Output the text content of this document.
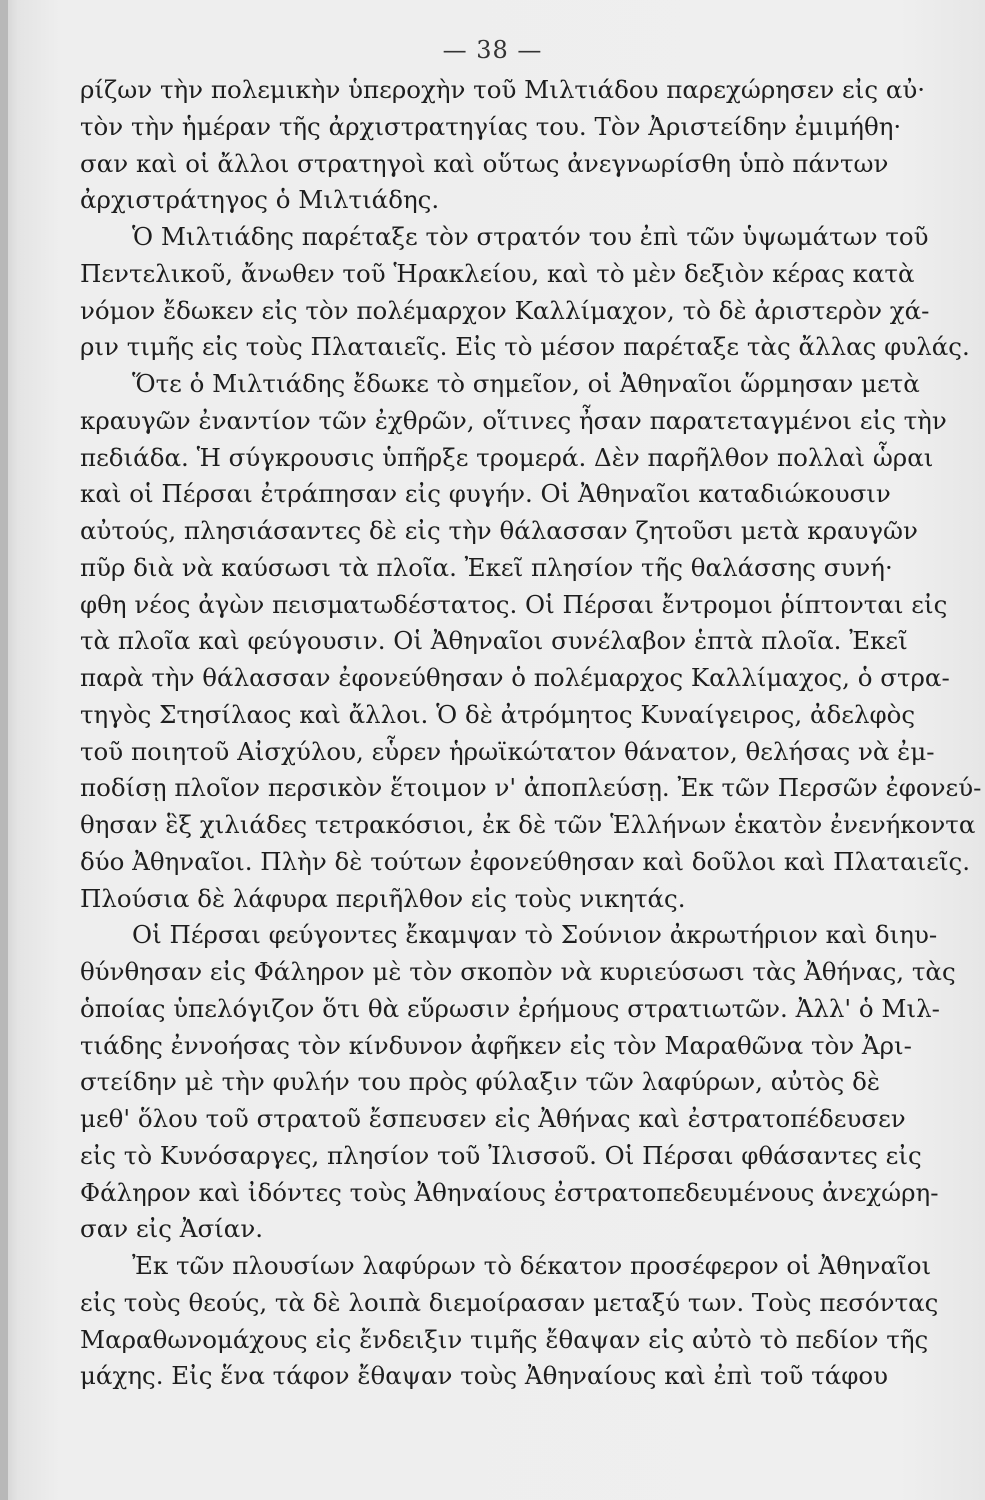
— 38 —
ρίζων τὴν πολεμικὴν ὑπεροχὴν τοῦ Μιλτιάδου παρεχώρησεν εἰς αὐ·
τὸν τὴν ἡμέραν τῆς ἀρχιστρατηγίας του. Τὸν Ἀριστείδην ἐμιμήθη·
σαν καὶ οἱ ἄλλοι στρατηγοὶ καὶ οὕτως ἀνεγνωρίσθη ὑπὸ πάντων
ἀρχιστράτηγος ὁ Μιλτιάδης.
Ὁ Μιλτιάδης παρέταξε τὸν στρατόν του ἐπὶ τῶν ὑψωμάτων τοῦ
Πεντελικοῦ, ἄνωθεν τοῦ Ἡρακλείου, καὶ τὸ μὲν δεξιὸν κέρας κατὰ
νόμον ἔδωκεν εἰς τὸν πολέμαρχον Καλλίμαχον, τὸ δὲ ἀριστερὸν χά-
ριν τιμῆς εἰς τοὺς Πλαταιεῖς. Εἰς τὸ μέσον παρέταξε τὰς ἄλλας φυλάς.
Ὅτε ὁ Μιλτιάδης ἔδωκε τὸ σημεῖον, οἱ Ἀθηναῖοι ὥρμησαν μετὰ
κραυγῶν ἐναντίον τῶν ἐχθρῶν, οἵτινες ἦσαν παρατεταγμένοι εἰς τὴν
πεδιάδα. Ἡ σύγκρουσις ὑπῆρξε τρομερά. Δὲν παρῆλθον πολλαὶ ὧραι
καὶ οἱ Πέρσαι ἐτράπησαν εἰς φυγήν. Οἱ Ἀθηναῖοι καταδιώκουσιν
αὐτούς, πλησιάσαντες δὲ εἰς τὴν θάλασσαν ζητοῦσι μετὰ κραυγῶν
πῦρ διὰ νὰ καύσωσι τὰ πλοῖα. Ἐκεῖ πλησίον τῆς θαλάσσης συνή·
φθη νέος ἀγὼν πεισματωδέστατος. Οἱ Πέρσαι ἔντρομοι ῥίπτονται εἰς
τὰ πλοῖα καὶ φεύγουσιν. Οἱ Ἀθηναῖοι συνέλαβον ἑπτὰ πλοῖα. Ἐκεῖ
παρὰ τὴν θάλασσαν ἐφονεύθησαν ὁ πολέμαρχος Καλλίμαχος, ὁ στρα-
τηγὸς Στησίλαος καὶ ἄλλοι. Ὁ δὲ ἀτρόμητος Κυναίγειρος, ἀδελφὸς
τοῦ ποιητοῦ Αἰσχύλου, εὗρεν ἡρωϊκώτατον θάνατον, θελήσας νὰ ἐμ-
ποδίσῃ πλοῖον περσικὸν ἕτοιμον ν' ἀποπλεύσῃ. Ἐκ τῶν Περσῶν ἐφονεύ-
θησαν ἓξ χιλιάδες τετρακόσιοι, ἐκ δὲ τῶν Ἑλλήνων ἑκατὸν ἐνενήκοντα
δύο Ἀθηναῖοι. Πλὴν δὲ τούτων ἐφονεύθησαν καὶ δοῦλοι καὶ Πλαταιεῖς.
Πλούσια δὲ λάφυρα περιῆλθον εἰς τοὺς νικητάς.
Οἱ Πέρσαι φεύγοντες ἔκαμψαν τὸ Σούνιον ἀκρωτήριον καὶ διηυ-
θύνθησαν εἰς Φάληρον μὲ τὸν σκοπὸν νὰ κυριεύσωσι τὰς Ἀθήνας, τὰς
ὁποίας ὑπελόγιζον ὅτι θὰ εὕρωσιν ἐρήμους στρατιωτῶν. Ἀλλ' ὁ Μιλ-
τιάδης ἐννοήσας τὸν κίνδυνον ἀφῆκεν εἰς τὸν Μαραθῶνα τὸν Ἀρι-
στείδην μὲ τὴν φυλήν του πρὸς φύλαξιν τῶν λαφύρων, αὐτὸς δὲ
μεθ' ὅλου τοῦ στρατοῦ ἔσπευσεν εἰς Ἀθήνας καὶ ἐστρατοπέδευσεν
εἰς τὸ Κυνόσαργες, πλησίον τοῦ Ἰλισσοῦ. Οἱ Πέρσαι φθάσαντες εἰς
Φάληρον καὶ ἰδόντες τοὺς Ἀθηναίους ἐστρατοπεδευμένους ἀνεχώρη-
σαν εἰς Ἀσίαν.
Ἐκ τῶν πλουσίων λαφύρων τὸ δέκατον προσέφερον οἱ Ἀθηναῖοι
εἰς τοὺς θεούς, τὰ δὲ λοιπὰ διεμοίρασαν μεταξύ των. Τοὺς πεσόντας
Μαραθωνομάχους εἰς ἔνδειξιν τιμῆς ἔθαψαν εἰς αὐτὸ τὸ πεδίον τῆς
μάχης. Εἰς ἕνα τάφον ἔθαψαν τοὺς Ἀθηναίους καὶ ἐπὶ τοῦ τάφου
